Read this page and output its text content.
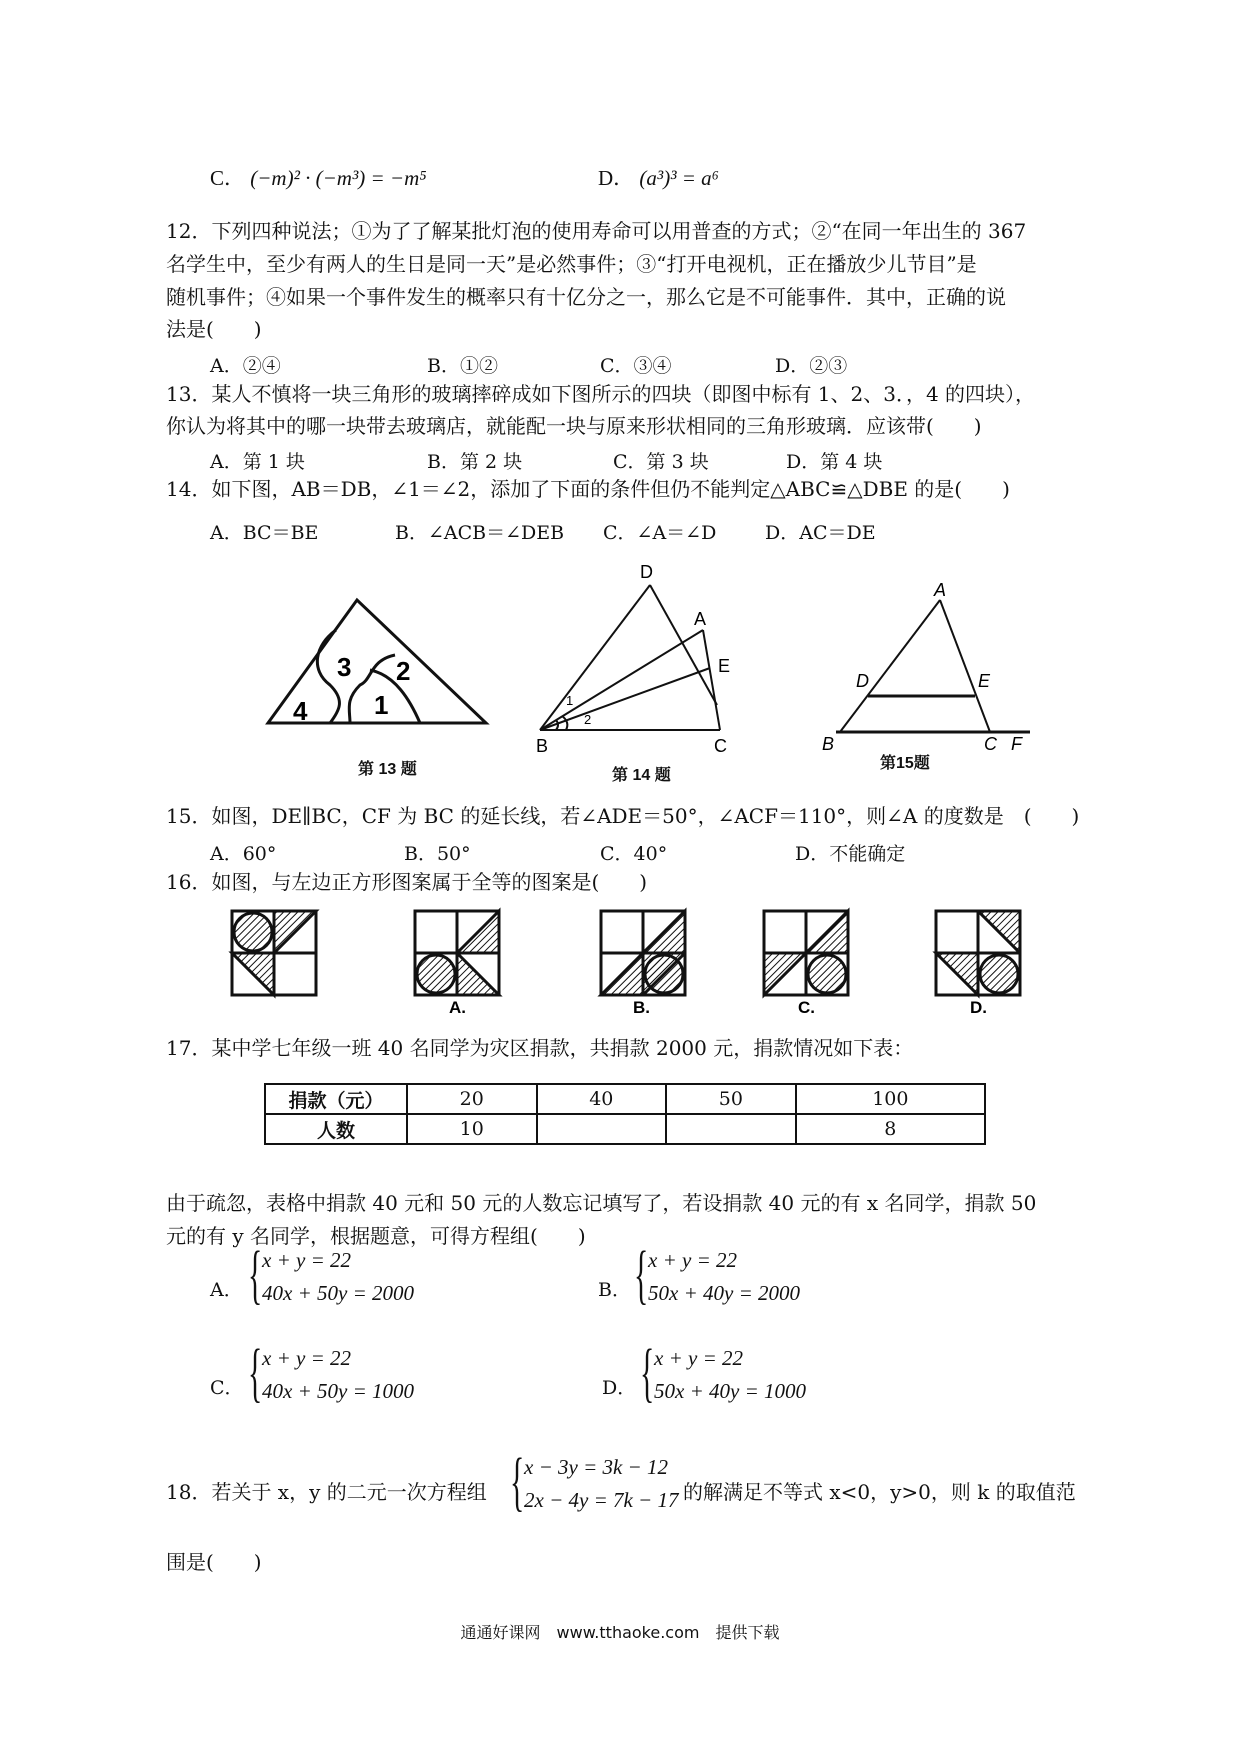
C． (−m)² · (−m³) = −m⁵	D． (a³)³ = a⁶
12．下列四种说法；①为了了解某批灯泡的使用寿命可以用普查的方式；②“在同一年出生的 367
名学生中，至少有两人的生日是同一天”是必然事件；③“打开电视机，正在播放少儿节目”是
随机事件；④如果一个事件发生的概率只有十亿分之一，那么它是不可能事件．其中，正确的说
法是(　　)
A．②④	B．①②	C．③④	D．②③
13．某人不慎将一块三角形的玻璃摔碎成如下图所示的四块（即图中标有 1、2、3．，4 的四块），
你认为将其中的哪一块带去玻璃店，就能配一块与原来形状相同的三角形玻璃．应该带(　　)
A．第 1 块	B．第 2 块	C．第 3 块	D．第 4 块
14．如下图，AB＝DB，∠1＝∠2，添加了下面的条件但仍不能判定△ABC≌△DBE 的是(　　)
A．BC＝BE	B．∠ACB＝∠DEB C．∠A＝∠D	D．AC＝DE
4	1
3 2
D
A
E
B	C
1
2
A
D	E
B	C F
第 13 题	第 14 题
第15题
15．如图，DE∥BC，CF 为 BC 的延长线，若∠ADE＝50°，∠ACF＝110°，则∠A 的度数是　(　　)
A．60°	B．50°	C．40°	D．不能确定
16．如图，与左边正方形图案属于全等的图案是(　　)
A.	B.	C.	D.
17．某中学七年级一班 40 名同学为灾区捐款，共捐款 2000 元，捐款情况如下表：
捐款（元）	20	40	50	100
人数	10			8
由于疏忽，表格中捐款 40 元和 50 元的人数忘记填写了，若设捐款 40 元的有 x 名同学，捐款 50
元的有 y 名同学，根据题意，可得方程组(　　)
A． { x + y = 22
40x + 50y = 2000	B． { x + y = 22
50x + 40y = 2000
C． { x + y = 22
40x + 50y = 1000	D． { x + y = 22
50x + 40y = 1000
18．若关于 x，y 的二元一次方程组 { x − 3y = 3k − 12
2x − 4y = 7k − 17 的解满足不等式 x<0，y>0，则 k 的取值范
围是(　　)
通通好课网　www.tthaoke.com　提供下载
